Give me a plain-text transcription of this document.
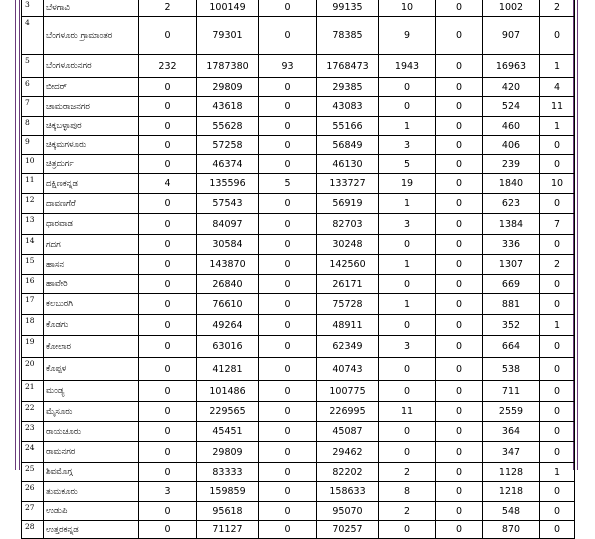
3	ಬೆಳಗಾವಿ	2	100149	0	99135	10	0	1002	2
4	ಬೆಂಗಳೂರು ಗ್ರಾಮಾಂತರ	0	79301	0	78385	9	0	907	0
5	ಬೆಂಗಳೂರುನಗರ	232	1787380	93	1768473	1943	0	16963	1
6	ಬೀದರ್	0	29809	0	29385	0	0	420	4
7	ಚಾಮರಾಜನಗರ	0	43618	0	43083	0	0	524	11
8	ಚಿಕ್ಕಬಳ್ಳಾಪುರ	0	55628	0	55166	1	0	460	1
9	ಚಿಕ್ಕಮಗಳೂರು	0	57258	0	56849	3	0	406	0
10	ಚಿತ್ರದುರ್ಗ	0	46374	0	46130	5	0	239	0
11	ದಕ್ಷಿಣಕನ್ನಡ	4	135596	5	133727	19	0	1840	10
12	ದಾವಣಗೆರೆ	0	57543	0	56919	1	0	623	0
13	ಧಾರವಾಡ	0	84097	0	82703	3	0	1384	7
14	ಗದಗ	0	30584	0	30248	0	0	336	0
15	ಹಾಸನ	0	143870	0	142560	1	0	1307	2
16	ಹಾವೇರಿ	0	26840	0	26171	0	0	669	0
17	ಕಲಬುರಗಿ	0	76610	0	75728	1	0	881	0
18	ಕೊಡಗು	0	49264	0	48911	0	0	352	1
19	ಕೋಲಾರ	0	63016	0	62349	3	0	664	0
20	ಕೊಪ್ಪಳ	0	41281	0	40743	0	0	538	0
21	ಮಂಡ್ಯ	0	101486	0	100775	0	0	711	0
22	ಮೈಸೂರು	0	229565	0	226995	11	0	2559	0
23	ರಾಯಚೂರು	0	45451	0	45087	0	0	364	0
24	ರಾಮನಗರ	0	29809	0	29462	0	0	347	0
25	ಶಿವಮೊಗ್ಗ	0	83333	0	82202	2	0	1128	1
26	ತುಮಕೂರು	3	159859	0	158633	8	0	1218	0
27	ಉಡುಪಿ	0	95618	0	95070	2	0	548	0
28	ಉತ್ತರಕನ್ನಡ	0	71127	0	70257	0	0	870	0
